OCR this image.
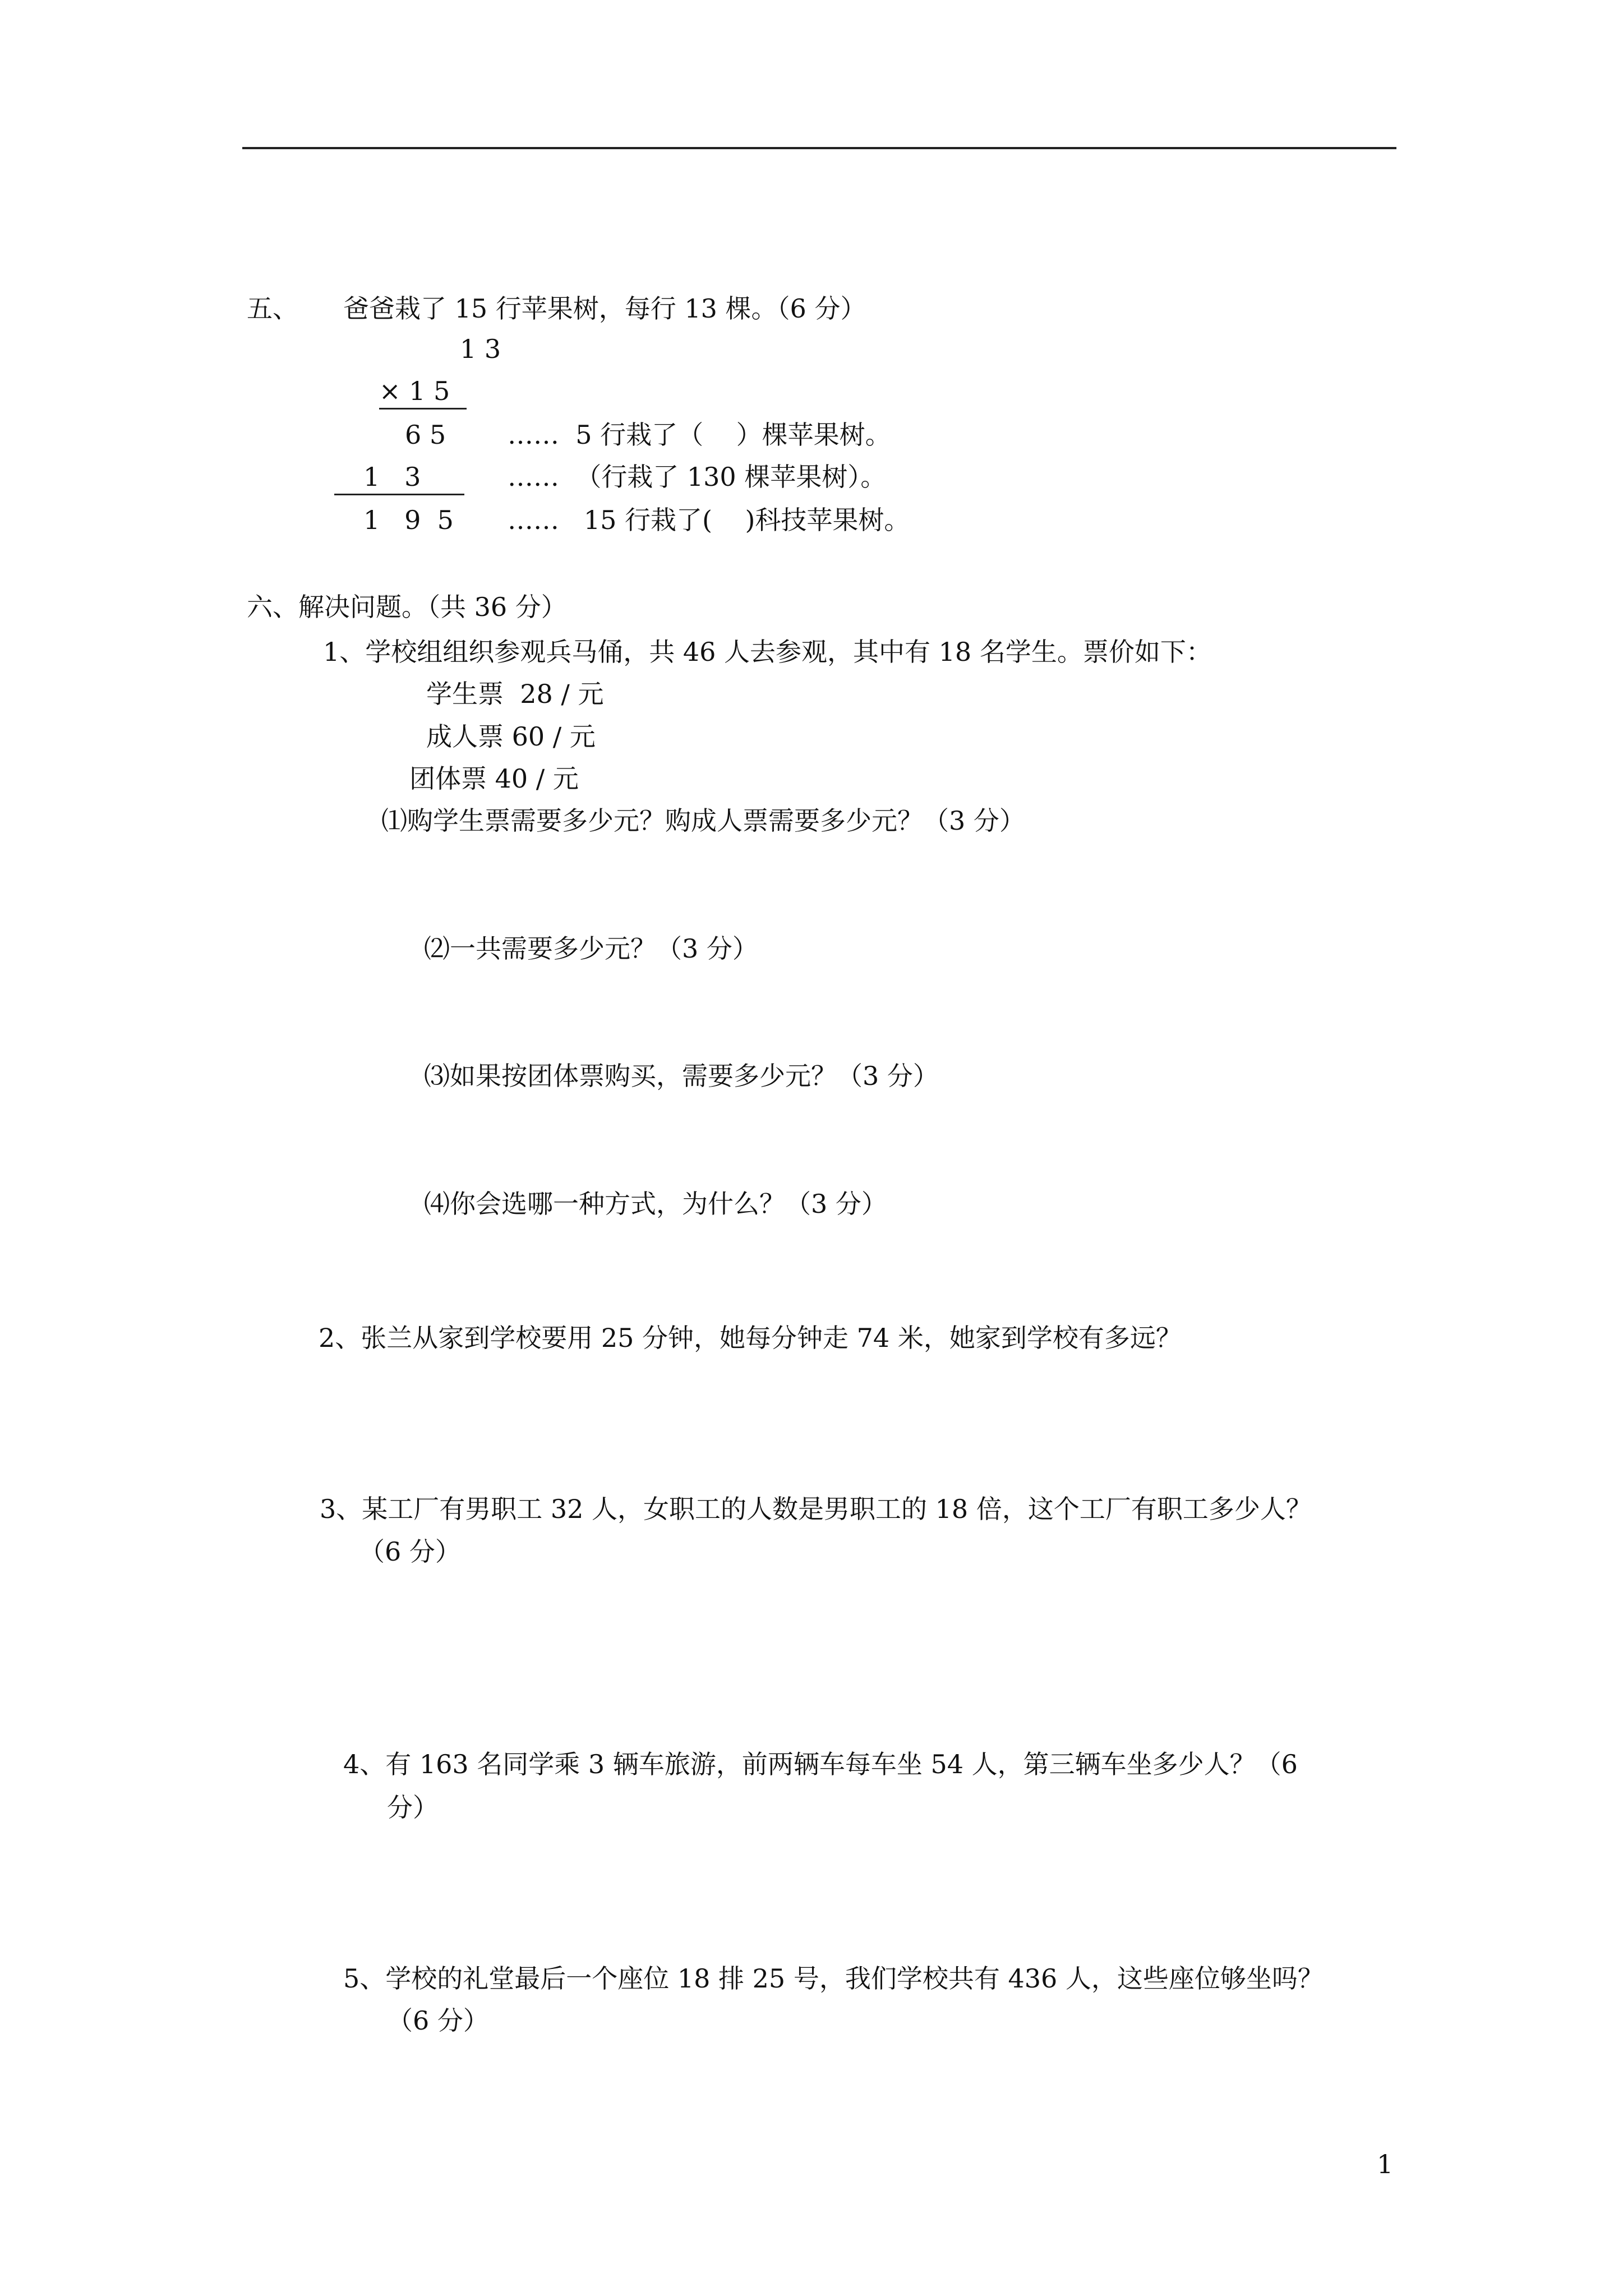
五、 爸爸栽了 15 行苹果树，每行 13 棵。（6 分）

1 3

× 1 5

6 5 ……  5 行栽了（    ）棵苹果树。

1   3	……  （行栽了 130 棵苹果树）。

1   9  5 ……   15 行栽了(    )科技苹果树。

六、解决问题。（共 36 分）

1、学校组组织参观兵马俑，共 46 人去参观，其中有 18 名学生。票价如下：

学生票  28 / 元

成人票 60 / 元

团体票 40 / 元

⑴购学生票需要多少元？购成人票需要多少元？（3 分）

⑵一共需要多少元？（3 分）

⑶如果按团体票购买，需要多少元？（3 分）

⑷你会选哪一种方式，为什么？（3 分）

2、张兰从家到学校要用 25 分钟，她每分钟走 74 米，她家到学校有多远？

3、某工厂有男职工 32 人，女职工的人数是男职工的 18 倍，这个工厂有职工多少人？

（6 分）

4、有 163 名同学乘 3 辆车旅游，前两辆车每车坐 54 人，第三辆车坐多少人？（6

分）

5、学校的礼堂最后一个座位 18 排 25 号，我们学校共有 436 人，这些座位够坐吗？

（6 分）

1
